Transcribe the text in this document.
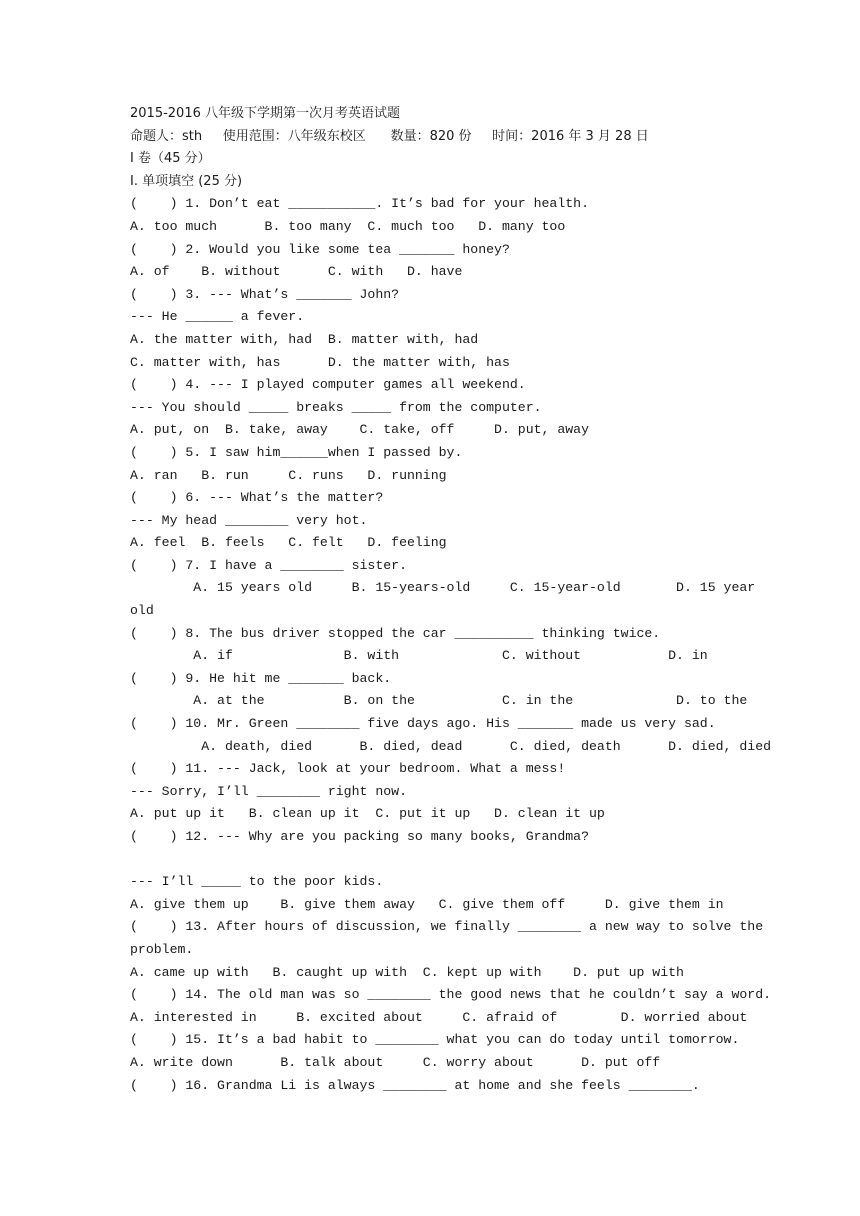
2015-2016 八年级下学期第一次月考英语试题
命题人：sth     使用范围：八年级东校区      数量：820 份     时间：2016 年 3 月 28 日
I 卷（45 分）
I. 单项填空 (25 分)
(    ) 1. Don’t eat ___________. It’s bad for your health.
A. too much      B. too many  C. much too   D. many too
(    ) 2. Would you like some tea _______ honey?
A. of    B. without      C. with   D. have
(    ) 3. --- What’s _______ John?
--- He ______ a fever.
A. the matter with, had  B. matter with, had
C. matter with, has      D. the matter with, has
(    ) 4. --- I played computer games all weekend.
--- You should _____ breaks _____ from the computer.
A. put, on  B. take, away    C. take, off     D. put, away
(    ) 5. I saw him______when I passed by.
A. ran   B. run     C. runs   D. running
(    ) 6. --- What’s the matter?
--- My head ________ very hot.
A. feel  B. feels   C. felt   D. feeling
(    ) 7. I have a ________ sister.
A. 15 years old     B. 15-years-old     C. 15-year-old       D. 15 year
old
(    ) 8. The bus driver stopped the car __________ thinking twice.
A. if              B. with             C. without           D. in
(    ) 9. He hit me _______ back.
A. at the          B. on the           C. in the             D. to the
(    ) 10. Mr. Green ________ five days ago. His _______ made us very sad.
A. death, died      B. died, dead      C. died, death      D. died, died
(    ) 11. --- Jack, look at your bedroom. What a mess!
--- Sorry, I’ll ________ right now.
A. put up it   B. clean up it  C. put it up   D. clean it up
(    ) 12. --- Why are you packing so many books, Grandma?
--- I’ll _____ to the poor kids.
A. give them up    B. give them away   C. give them off     D. give them in
(    ) 13. After hours of discussion, we finally ________ a new way to solve the
problem.
A. came up with   B. caught up with  C. kept up with    D. put up with
(    ) 14. The old man was so ________ the good news that he couldn’t say a word.
A. interested in     B. excited about     C. afraid of        D. worried about
(    ) 15. It’s a bad habit to ________ what you can do today until tomorrow.
A. write down      B. talk about     C. worry about      D. put off
(    ) 16. Grandma Li is always ________ at home and she feels ________.
